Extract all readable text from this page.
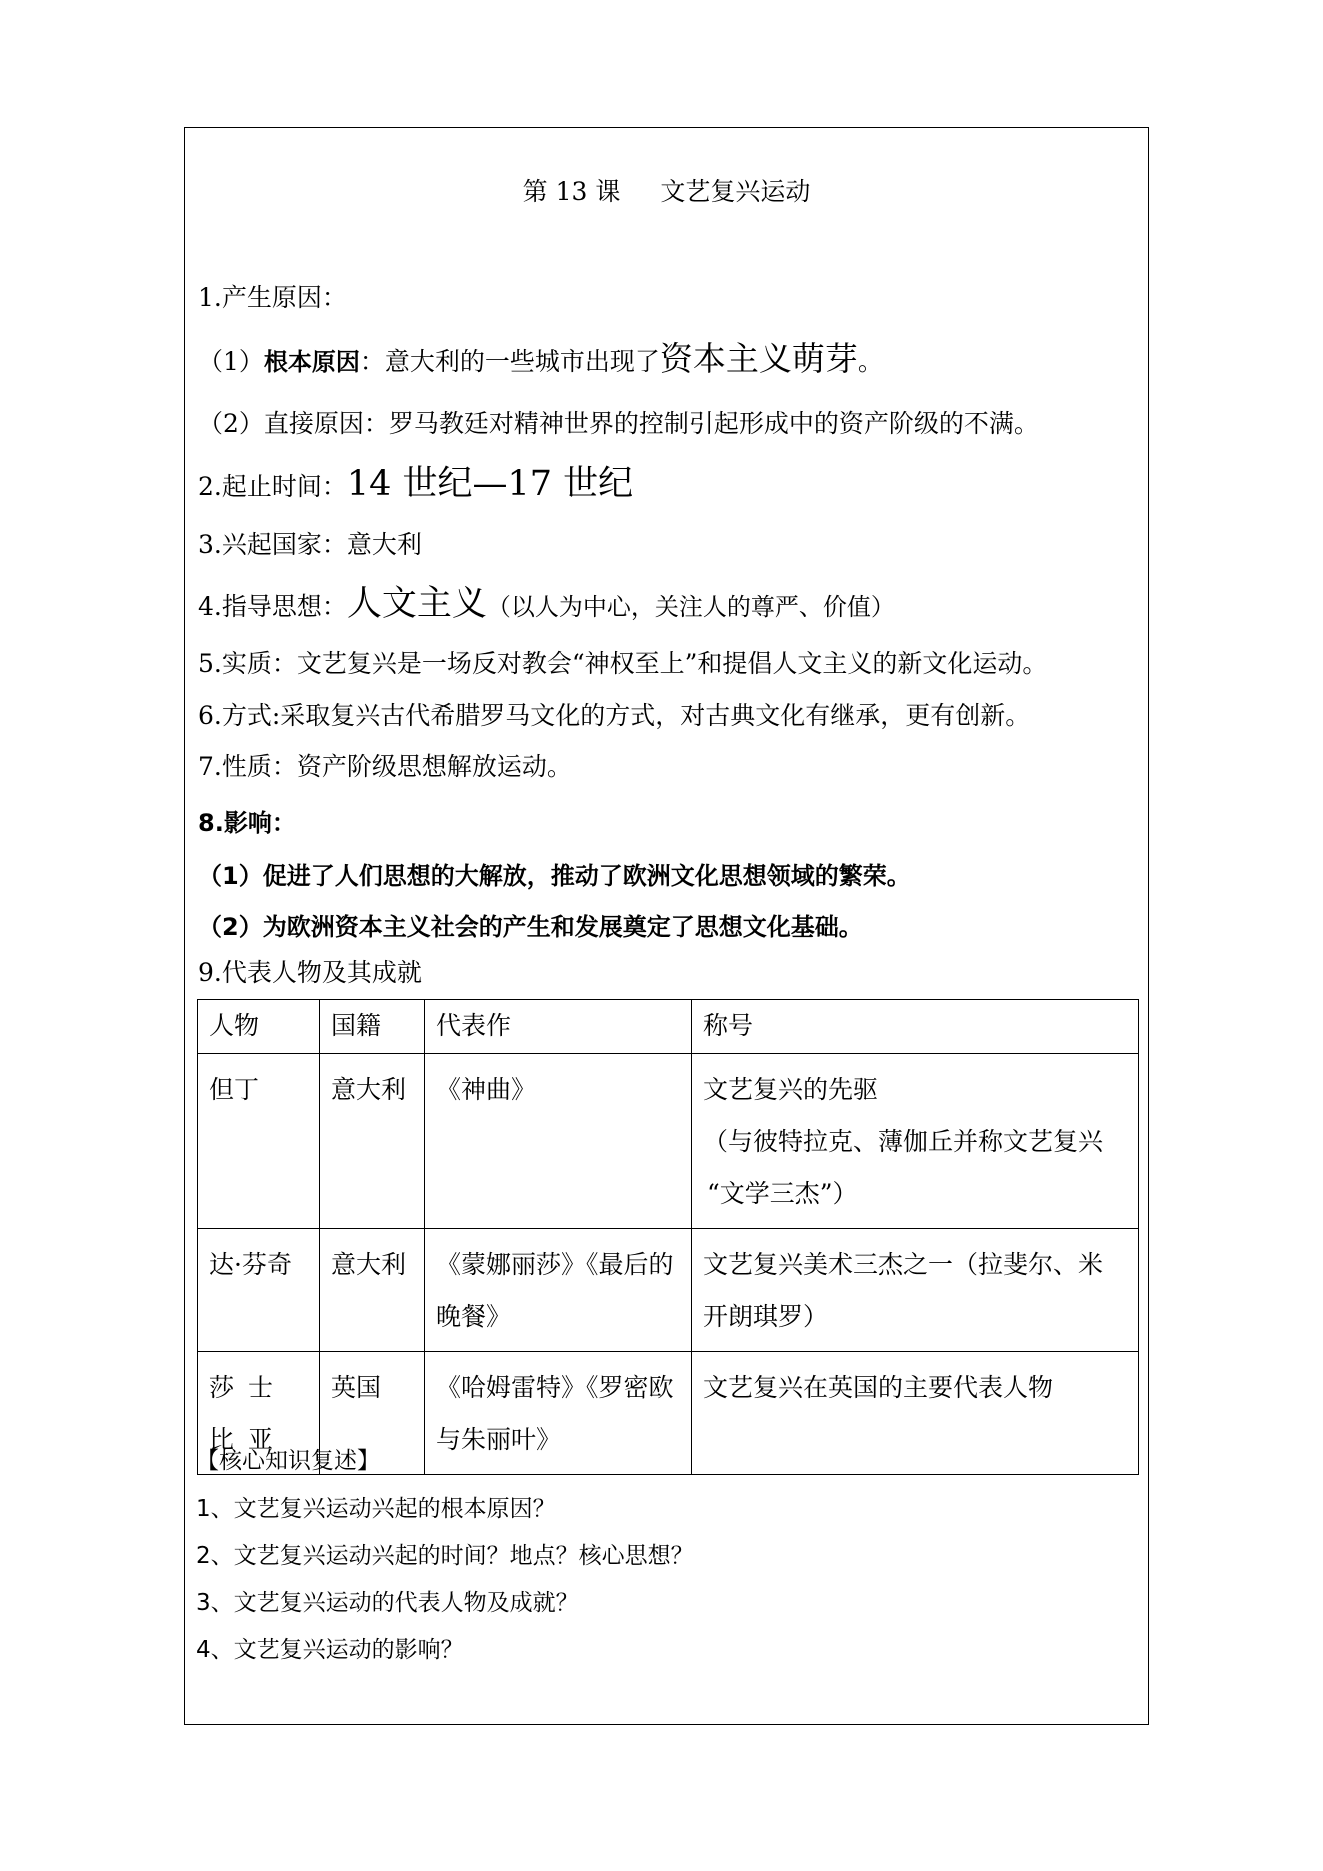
第 13 课 文艺复兴运动
1.产生原因：
（1）根本原因：意大利的一些城市出现了资本主义萌芽。
（2）直接原因：罗马教廷对精神世界的控制引起形成中的资产阶级的不满。
2.起止时间：14 世纪—17 世纪
3.兴起国家：意大利
4.指导思想：人文主义（以人为中心，关注人的尊严、价值）
5.实质：文艺复兴是一场反对教会“神权至上”和提倡人文主义的新文化运动。
6.方式:采取复兴古代希腊罗马文化的方式，对古典文化有继承，更有创新。
7.性质：资产阶级思想解放运动。
8.影响：
（1）促进了人们思想的大解放，推动了欧洲文化思想领域的繁荣。
（2）为欧洲资本主义社会的产生和发展奠定了思想文化基础。
9.代表人物及其成就
人物	国籍	代表作	称号
但丁	意大利	《神曲》	文艺复兴的先驱
（与彼特拉克、薄伽丘并称文艺复兴
“文学三杰”）

达·芬奇	意大利	《蒙娜丽莎》《最后的晚餐》	文艺复兴美术三杰之一（拉斐尔、米开朗琪罗）
莎士比亚	英国	《哈姆雷特》《罗密欧与朱丽叶》	文艺复兴在英国的主要代表人物
【核心知识复述】
1、文艺复兴运动兴起的根本原因？
2、文艺复兴运动兴起的时间？地点？核心思想？
3、文艺复兴运动的代表人物及成就？
4、文艺复兴运动的影响？
